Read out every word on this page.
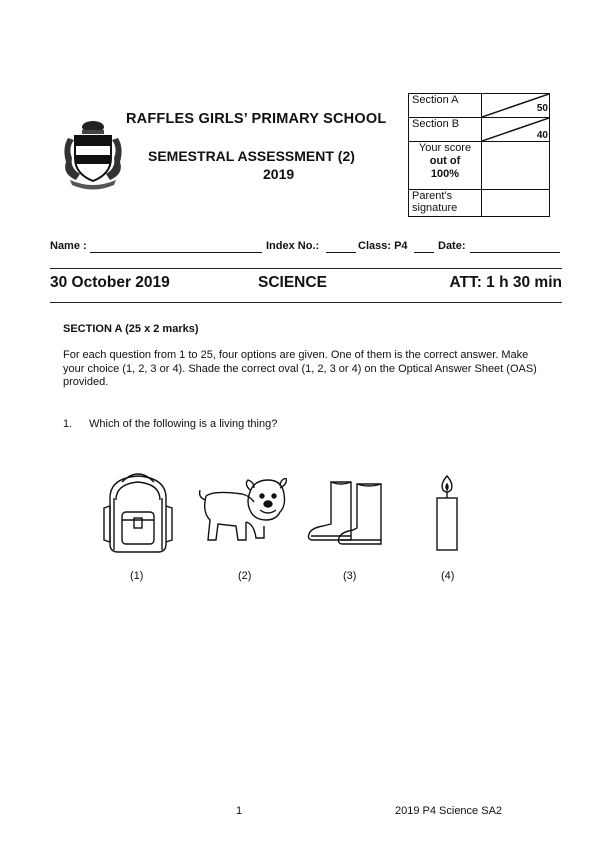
RAFFLES GIRLS’ PRIMARY SCHOOL
SEMESTRAL ASSESSMENT (2)
2019
Section A	50

Section B	40

Your score
out of
100%	

Parent’s
signature	

Name :	Index No.:	Class: P4	Date:
30 October 2019	SCIENCE	ATT: 1 h 30 min
SECTION A (25 x 2 marks)
For each question from 1 to 25, four options are given. One of them is the correct answer. Make your choice (1, 2, 3 or 4). Shade the correct oval (1, 2, 3 or 4) on the Optical Answer Sheet (OAS) provided.
1. Which of the following is a living thing?
(1)	(2)	(3)	(4)
1	2019 P4 Science SA2
